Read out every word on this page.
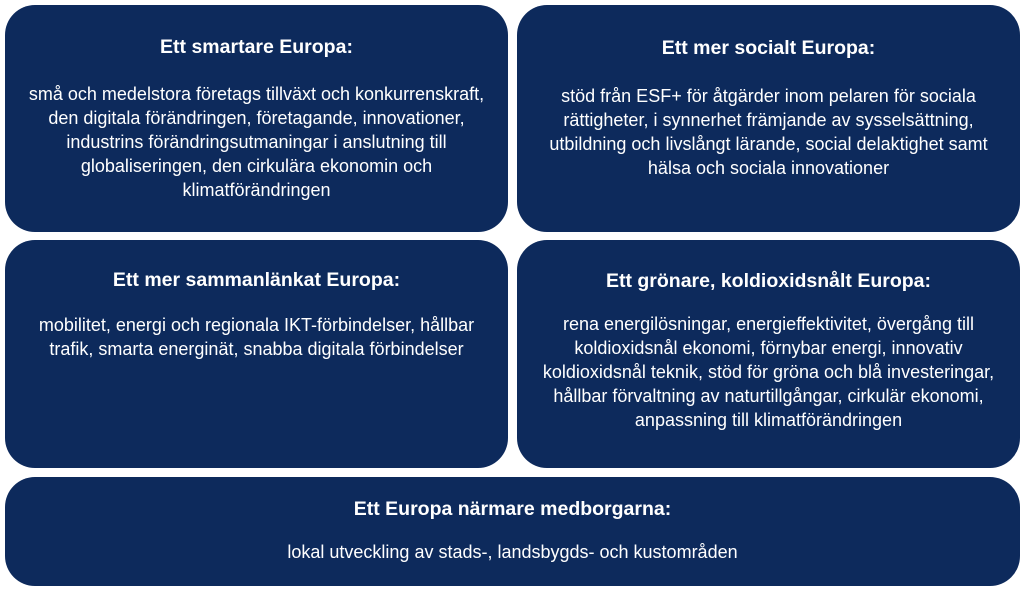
Ett smartare Europa:
små och medelstora företags tillväxt och konkurrenskraft, den digitala förändringen, företagande, innovationer, industrins förändringsutmaningar i anslutning till globaliseringen, den cirkulära ekonomin och klimatförändringen
Ett mer socialt Europa:
stöd från ESF+ för åtgärder inom pelaren för sociala rättigheter, i synnerhet främjande av sysselsättning, utbildning och livslångt lärande, social delaktighet samt hälsa och sociala innovationer
Ett mer sammanlänkat Europa:
mobilitet, energi och regionala IKT-förbindelser, hållbar trafik, smarta energinät, snabba digitala förbindelser
Ett grönare, koldioxidsnålt Europa:
rena energilösningar, energieffektivitet, övergång till koldioxidsnål ekonomi, förnybar energi, innovativ koldioxidsnål teknik, stöd för gröna och blå investeringar, hållbar förvaltning av naturtillgångar, cirkulär ekonomi, anpassning till klimatförändringen
Ett Europa närmare medborgarna:
lokal utveckling av stads-, landsbygds- och kustområden
